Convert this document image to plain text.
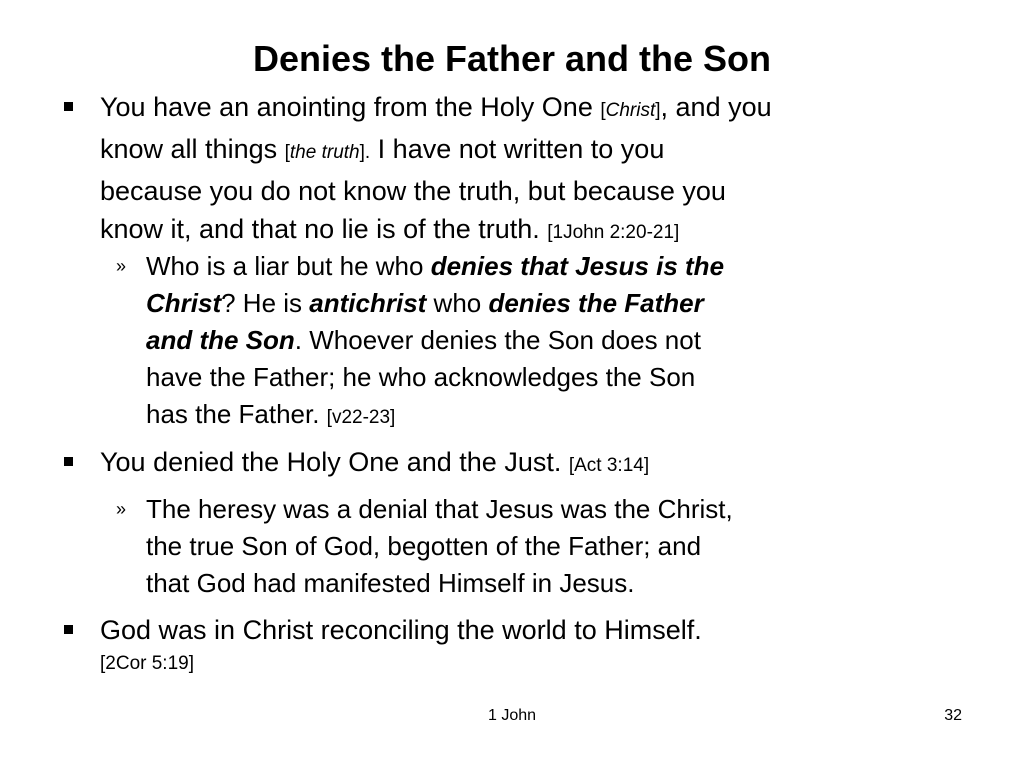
Denies the Father and the Son
You have an anointing from the Holy One [Christ], and you
know all things [the truth]. I have not written to you
because you do not know the truth, but because you
know it, and that no lie is of the truth. [1John 2:20-21]
» Who is a liar but he who denies that Jesus is the
Christ? He is antichrist who denies the Father
and the Son. Whoever denies the Son does not
have the Father; he who acknowledges the Son
has the Father. [v22-23]
You denied the Holy One and the Just. [Act 3:14]
» The heresy was a denial that Jesus was the Christ,
the true Son of God, begotten of the Father; and
that God had manifested Himself in Jesus.
God was in Christ reconciling the world to Himself.
[2Cor 5:19]
1 John	32
